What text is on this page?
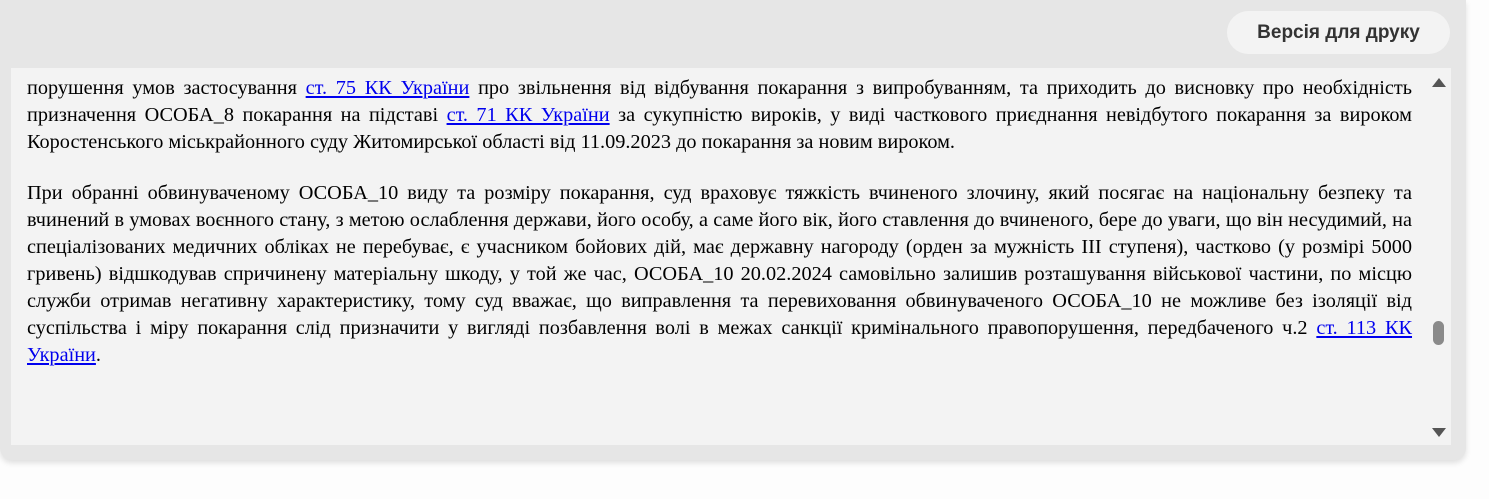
Версія для друку

порушення умов застосування ст. 75 КК України про звільнення від відбування покарання з випробуванням, та приходить до висновку про необхідність призначення ОСОБА_8 покарання на підставі ст. 71 КК України за сукупністю вироків, у виді часткового приєднання невідбутого покарання за вироком Коростенського міськрайонного суду Житомирської області від 11.09.2023 до покарання за новим вироком.

При обранні обвинуваченому ОСОБА_10 виду та розміру покарання, суд враховує тяжкість вчиненого злочину, який посягає на національну безпеку та вчинений в умовах воєнного стану, з метою ослаблення держави, його особу, а саме його вік, його ставлення до вчиненого, бере до уваги, що він несудимий, на спеціалізованих медичних обліках не перебуває, є учасником бойових дій, має державну нагороду (орден за мужність ІІІ ступеня), частково (у розмірі 5000 гривень) відшкодував спричинену матеріальну шкоду, у той же час, ОСОБА_10 20.02.2024 самовільно залишив розташування військової частини, по місцю служби отримав негативну характеристику, тому суд вважає, що виправлення та перевиховання обвинуваченого ОСОБА_10 не можливе без ізоляції від суспільства і міру покарання слід призначити у вигляді позбавлення волі в межах санкції кримінального правопорушення, передбаченого ч.2 ст. 113 КК України.
